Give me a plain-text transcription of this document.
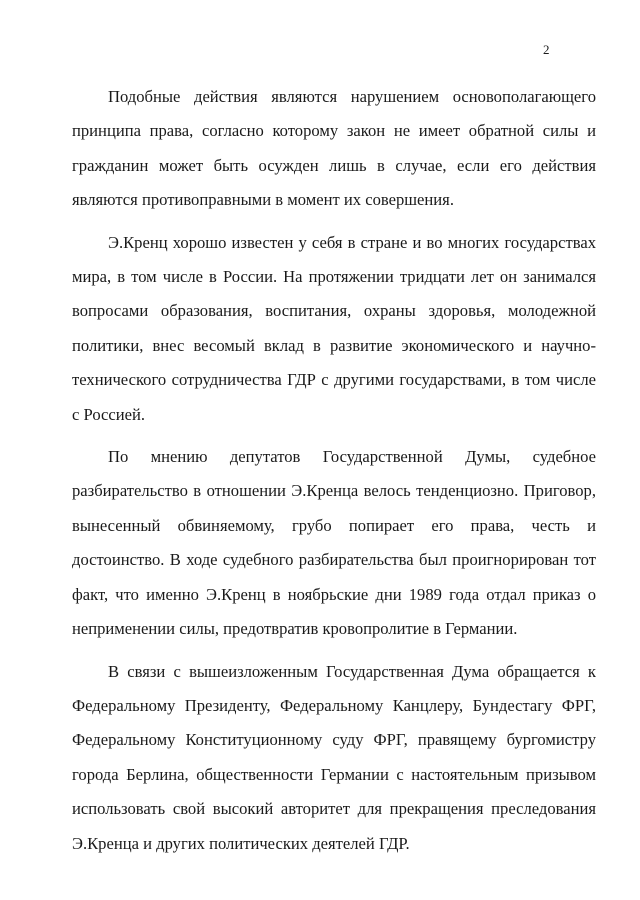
2

Подобные действия являются нарушением основополагающего принципа права, согласно которому закон не имеет обратной силы и гражданин может быть осужден лишь в случае, если его действия являются противоправными в момент их совершения.

Э.Кренц хорошо известен у себя в стране и во многих государствах мира, в том числе в России. На протяжении тридцати лет он занимался вопросами образования, воспитания, охраны здоровья, молодежной политики, внес весомый вклад в развитие экономического и научно-технического сотрудничества ГДР с другими государствами, в том числе с Россией.

По мнению депутатов Государственной Думы, судебное разбирательство в отношении Э.Кренца велось тенденциозно. Приговор, вынесенный обвиняемому, грубо попирает его права, честь и достоинство. В ходе судебного разбирательства был проигнорирован тот факт, что именно Э.Кренц в ноябрьские дни 1989 года отдал приказ о неприменении силы, предотвратив кровопролитие в Германии.

В связи с вышеизложенным Государственная Дума обращается к Федеральному Президенту, Федеральному Канцлеру, Бундестагу ФРГ, Федеральному Конституционному суду ФРГ, правящему бургомистру города Берлина, общественности Германии с настоятельным призывом использовать свой высокий авторитет для прекращения преследования Э.Кренца и других политических деятелей ГДР.
